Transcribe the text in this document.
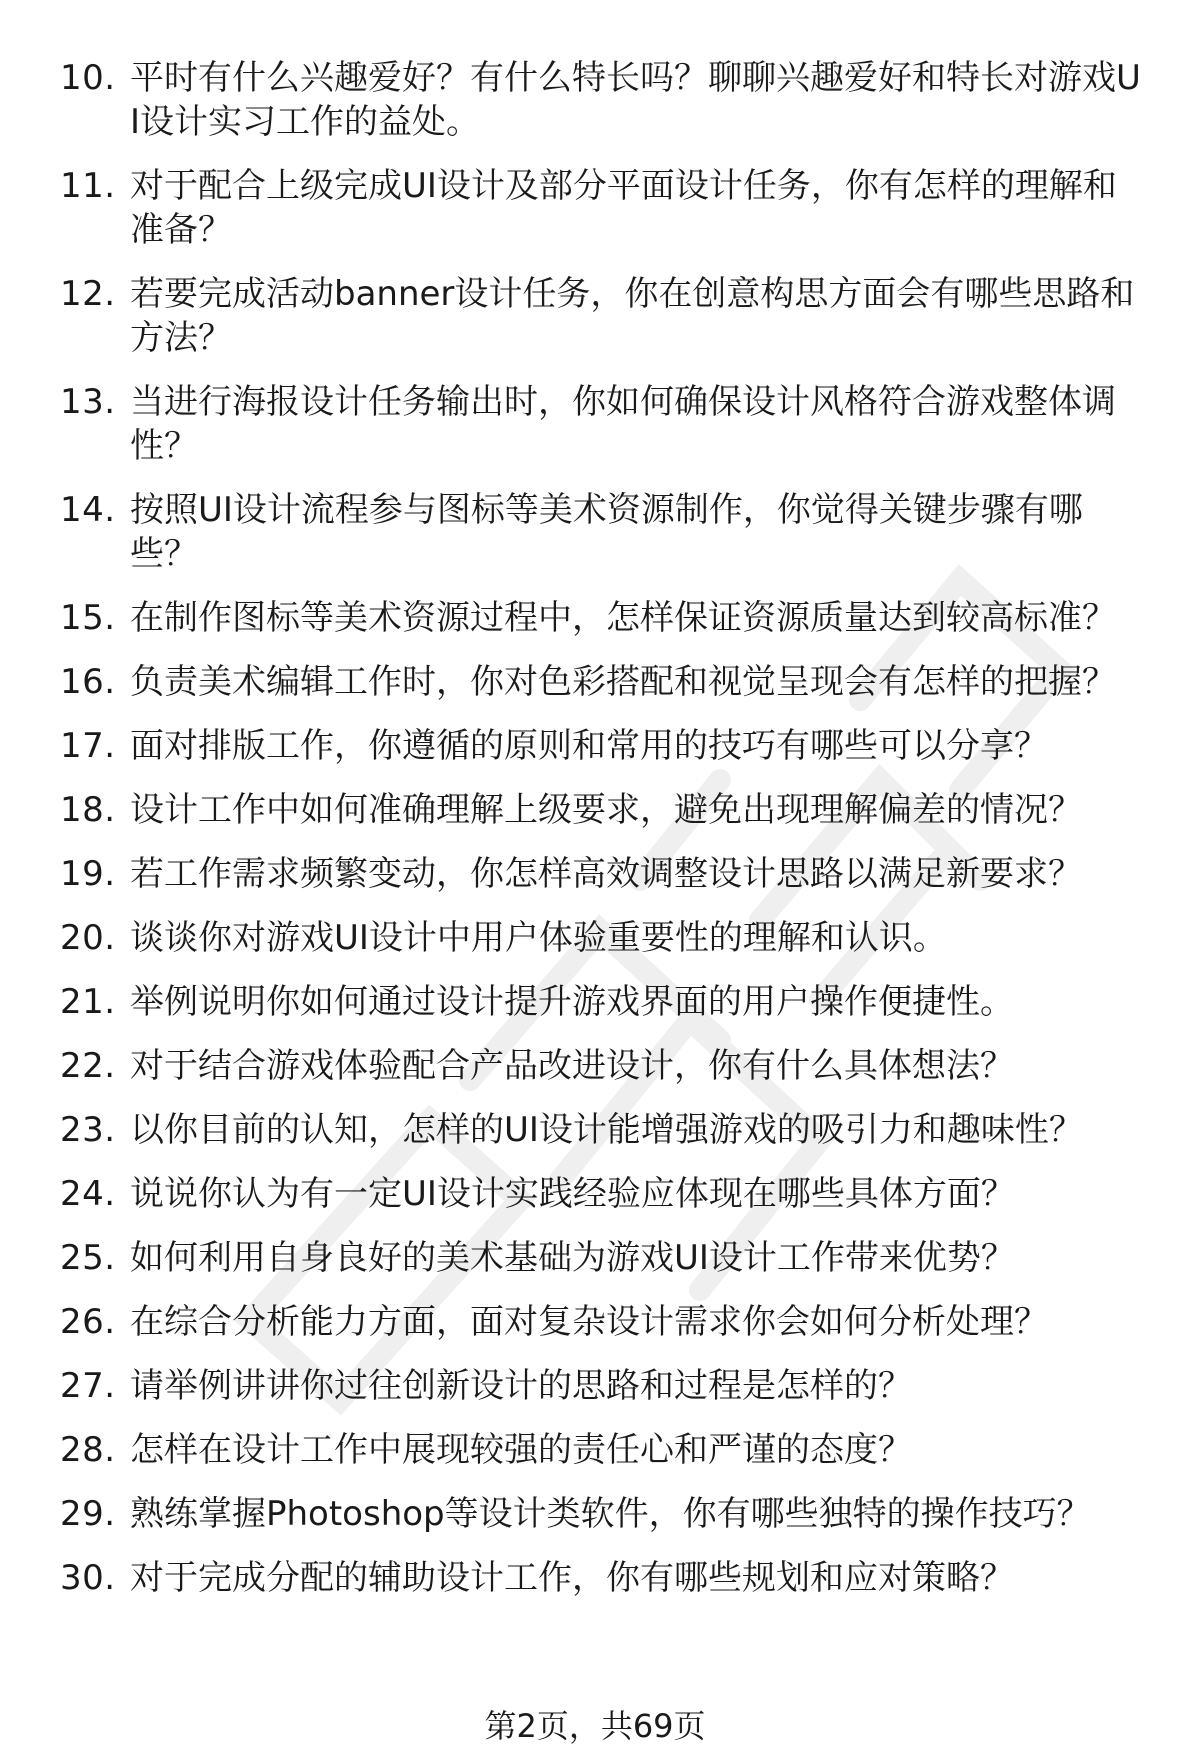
10. 平时有什么兴趣爱好？有什么特长吗？聊聊兴趣爱好和特长对游戏UI设计实习工作的益处。
11. 对于配合上级完成UI设计及部分平面设计任务，你有怎样的理解和准备？
12. 若要完成活动banner设计任务，你在创意构思方面会有哪些思路和方法？
13. 当进行海报设计任务输出时，你如何确保设计风格符合游戏整体调性？
14. 按照UI设计流程参与图标等美术资源制作，你觉得关键步骤有哪些？
15. 在制作图标等美术资源过程中，怎样保证资源质量达到较高标准？
16. 负责美术编辑工作时，你对色彩搭配和视觉呈现会有怎样的把握？
17. 面对排版工作，你遵循的原则和常用的技巧有哪些可以分享？
18. 设计工作中如何准确理解上级要求，避免出现理解偏差的情况？
19. 若工作需求频繁变动，你怎样高效调整设计思路以满足新要求？
20. 谈谈你对游戏UI设计中用户体验重要性的理解和认识。
21. 举例说明你如何通过设计提升游戏界面的用户操作便捷性。
22. 对于结合游戏体验配合产品改进设计，你有什么具体想法？
23. 以你目前的认知，怎样的UI设计能增强游戏的吸引力和趣味性？
24. 说说你认为有一定UI设计实践经验应体现在哪些具体方面？
25. 如何利用自身良好的美术基础为游戏UI设计工作带来优势？
26. 在综合分析能力方面，面对复杂设计需求你会如何分析处理？
27. 请举例讲讲你过往创新设计的思路和过程是怎样的？
28. 怎样在设计工作中展现较强的责任心和严谨的态度？
29. 熟练掌握Photoshop等设计类软件，你有哪些独特的操作技巧？
30. 对于完成分配的辅助设计工作，你有哪些规划和应对策略？
第2页，共69页
